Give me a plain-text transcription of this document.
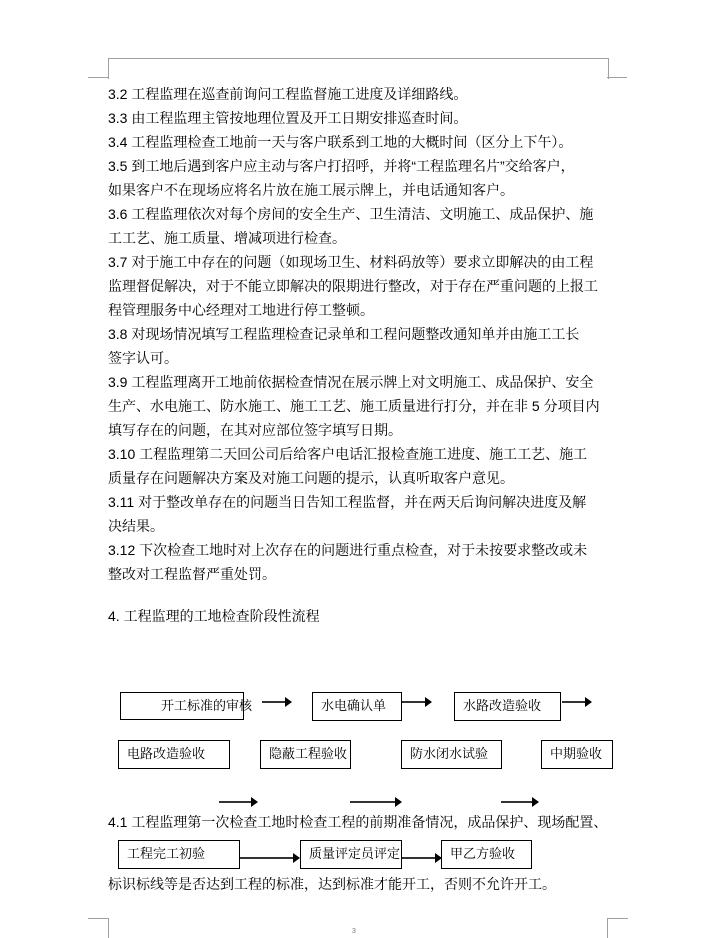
3.2 工程监理在巡查前询问工程监督施工进度及详细路线。
3.3 由工程监理主管按地理位置及开工日期安排巡查时间。
3.4 工程监理检查工地前一天与客户联系到工地的大概时间（区分上下午）。
3.5 到工地后遇到客户应主动与客户打招呼，并将“工程监理名片”交给客户，
如果客户不在现场应将名片放在施工展示牌上，并电话通知客户。
3.6 工程监理依次对每个房间的安全生产、卫生清洁、文明施工、成品保护、施
工工艺、施工质量、增减项进行检查。
3.7 对于施工中存在的问题（如现场卫生、材料码放等）要求立即解决的由工程
监理督促解决，对于不能立即解决的限期进行整改，对于存在严重问题的上报工
程管理服务中心经理对工地进行停工整顿。
3.8 对现场情况填写工程监理检查记录单和工程问题整改通知单并由施工工长
签字认可。
3.9 工程监理离开工地前依据检查情况在展示牌上对文明施工、成品保护、安全
生产、水电施工、防水施工、施工工艺、施工质量进行打分，并在非 5 分项目内
填写存在的问题，在其对应部位签字填写日期。
3.10 工程监理第二天回公司后给客户电话汇报检查施工进度、施工工艺、施工
质量存在问题解决方案及对施工问题的提示，认真听取客户意见。
3.11 对于整改单存在的问题当日告知工程监督，并在两天后询问解决进度及解
决结果。
3.12 下次检查工地时对上次存在的问题进行重点检查，对于未按要求整改或未
整改对工程监督严重处罚。
4. 工程监理的工地检查阶段性流程
开工标准的审核	水电确认单	水路改造验收
电路改造验收	隐蔽工程验收	防水闭水试验	中期验收
4.1 工程监理第一次检查工地时检查工程的前期准备情况，成品保护、现场配置、
工程完工初验	质量评定员评定	甲乙方验收
标识标线等是否达到工程的标准，达到标准才能开工，否则不允许开工。
3
